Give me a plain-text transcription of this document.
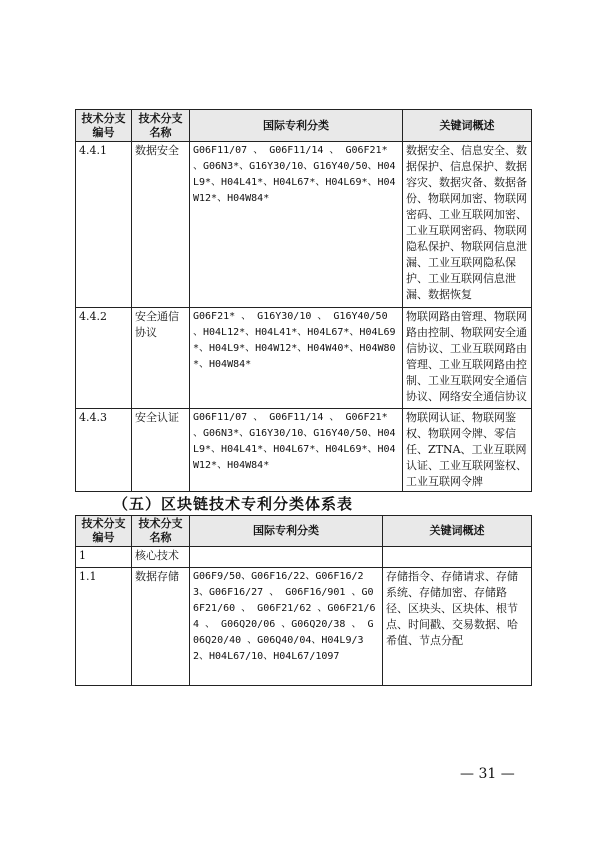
技术分支编号	技术分支名称	国际专利分类	关键词概述
4.4.1	数据安全	G06F11/07 、 G06F11/14 、 G06F21* 、G06N3*、G16Y30/10、G16Y40/50、H04L9*、H04L41*、H04L67*、H04L69*、H04W12*、H04W84*	数据安全、信息安全、数据保护、信息保护、数据容灾、数据灾备、数据备份、物联网加密、物联网密码、工业互联网加密、工业互联网密码、物联网隐私保护、物联网信息泄漏、工业互联网隐私保护、工业互联网信息泄漏、数据恢复
4.4.2	安全通信协议	G06F21* 、 G16Y30/10 、 G16Y40/50 、H04L12*、H04L41*、H04L67*、H04L69*、H04L9*、H04W12*、H04W40*、H04W80*、H04W84*	物联网路由管理、物联网路由控制、物联网安全通信协议、工业互联网路由管理、工业互联网路由控制、工业互联网安全通信协议、网络安全通信协议
4.4.3	安全认证	G06F11/07 、 G06F11/14 、 G06F21* 、G06N3*、G16Y30/10、G16Y40/50、H04L9*、H04L41*、H04L67*、H04L69*、H04W12*、H04W84*	物联网认证、物联网鉴权、物联网令牌、零信任、ZTNA、工业互联网认证、工业互联网鉴权、工业互联网令牌
（五）区块链技术专利分类体系表
技术分支编号	技术分支名称	国际专利分类	关键词概述
1	核心技术		
1.1	数据存储	G06F9/50、G06F16/22、G06F16/23、G06F16/27 、 G06F16/901 、G06F21/60 、 G06F21/62 、G06F21/64 、 G06Q20/06 、G06Q20/38 、 G06Q20/40 、G06Q40/04、H04L9/32、H04L67/10、H04L67/1097	存储指令、存储请求、存储系统、存储加密、存储路径、区块头、区块体、根节点、时间戳、交易数据、哈希值、节点分配
— 31 —
